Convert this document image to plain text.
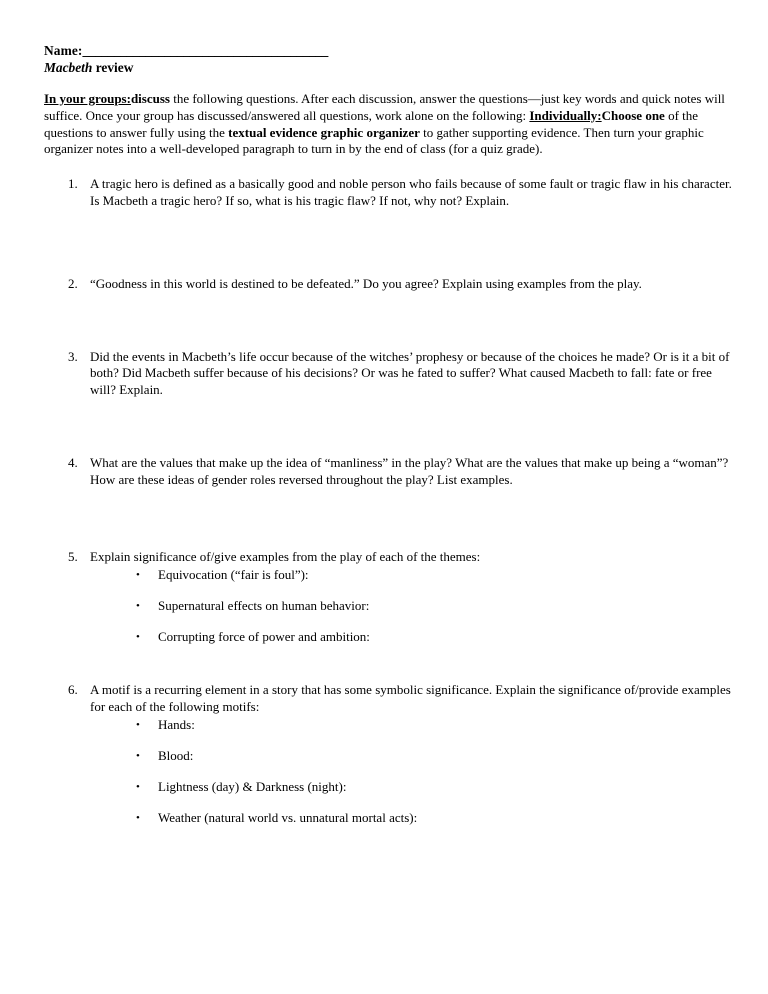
Name:_______________________________________
Macbeth review

In your groups:discuss the following questions. After each discussion, answer the questions—just key words and quick notes will suffice. Once your group has discussed/answered all questions, work alone on the following: Individually:Choose one of the questions to answer fully using the textual evidence graphic organizer to gather supporting evidence. Then turn your graphic organizer notes into a well-developed paragraph to turn in by the end of class (for a quiz grade).

1. A tragic hero is defined as a basically good and noble person who fails because of some fault or tragic flaw in his character. Is Macbeth a tragic hero? If so, what is his tragic flaw? If not, why not? Explain.
2. “Goodness in this world is destined to be defeated.” Do you agree? Explain using examples from the play.
3. Did the events in Macbeth’s life occur because of the witches’ prophesy or because of the choices he made? Or is it a bit of both? Did Macbeth suffer because of his decisions? Or was he fated to suffer? What caused Macbeth to fall: fate or free will? Explain.
4. What are the values that make up the idea of “manliness” in the play? What are the values that make up being a “woman”? How are these ideas of gender roles reversed throughout the play? List examples.
5. Explain significance of/give examples from the play of each of the themes:
• Equivocation (“fair is foul”):
• Supernatural effects on human behavior:
• Corrupting force of power and ambition:
6. A motif is a recurring element in a story that has some symbolic significance. Explain the significance of/provide examples for each of the following motifs:
• Hands:
• Blood:
• Lightness (day) & Darkness (night):
• Weather (natural world vs. unnatural mortal acts):
